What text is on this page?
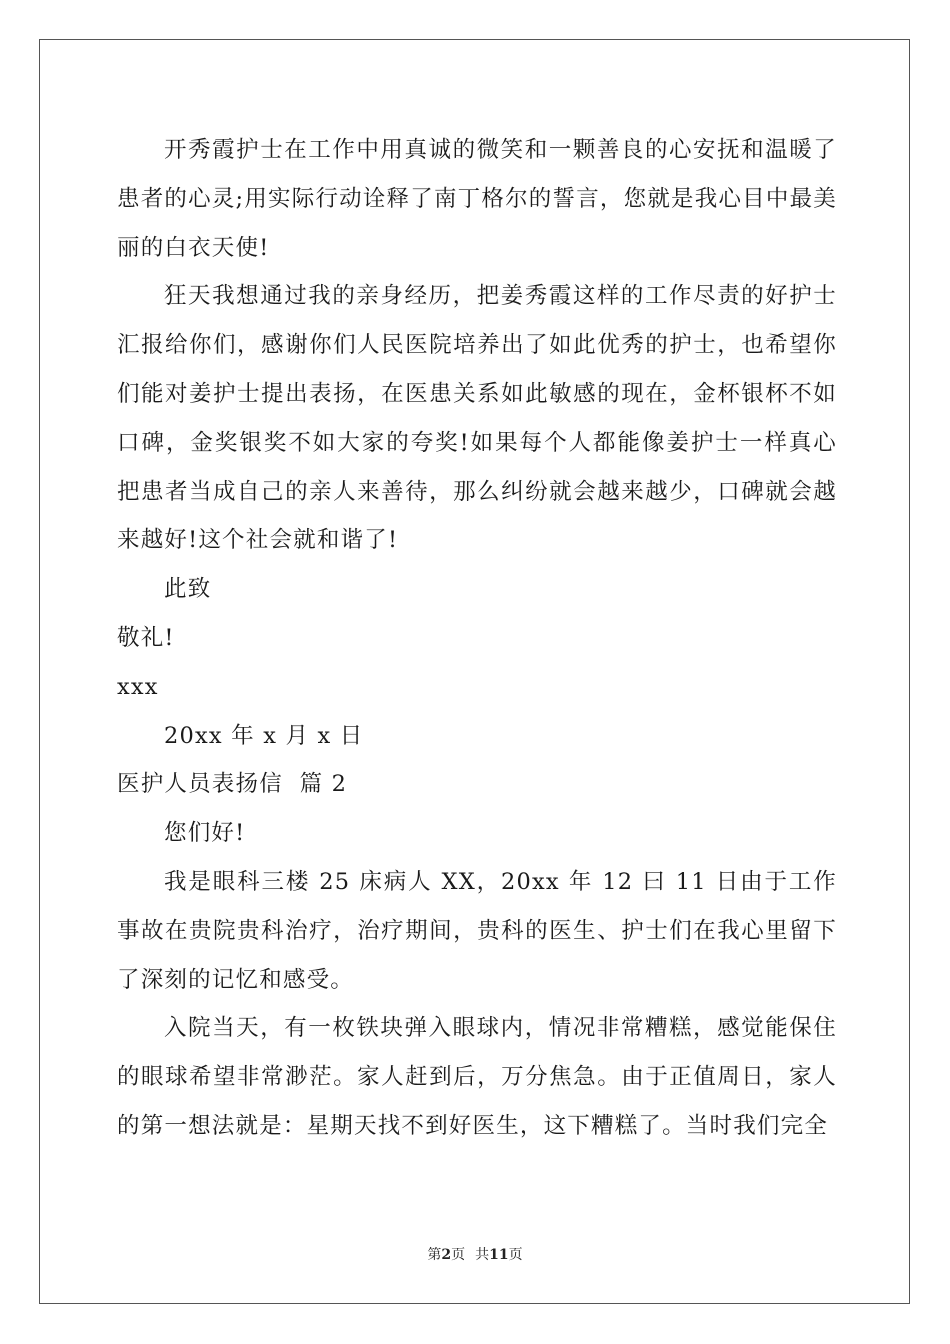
开秀霞护士在工作中用真诚的微笑和一颗善良的心安抚和温暖了患者的心灵;用实际行动诠释了南丁格尔的誓言，您就是我心目中最美丽的白衣天使!

狂天我想通过我的亲身经历，把姜秀霞这样的工作尽责的好护士汇报给你们，感谢你们人民医院培养出了如此优秀的护士，也希望你们能对姜护士提出表扬，在医患关系如此敏感的现在，金杯银杯不如口碑，金奖银奖不如大家的夸奖!如果每个人都能像姜护士一样真心把患者当成自己的亲人来善待，那么纠纷就会越来越少，口碑就会越来越好!这个社会就和谐了!

此致

敬礼!

xxx

20xx 年 x 月 x 日

医护人员表扬信  篇 2

您们好!

我是眼科三楼 25 床病人 XX，20xx 年 12 曰 11 日由于工作事故在贵院贵科治疗，治疗期间，贵科的医生、护士们在我心里留下了深刻的记忆和感受。

入院当天，有一枚铁块弹入眼球内，情况非常糟糕，感觉能保住的眼球希望非常渺茫。家人赶到后，万分焦急。由于正值周日，家人的第一想法就是：星期天找不到好医生，这下糟糕了。当时我们完全

第2页 共11页
